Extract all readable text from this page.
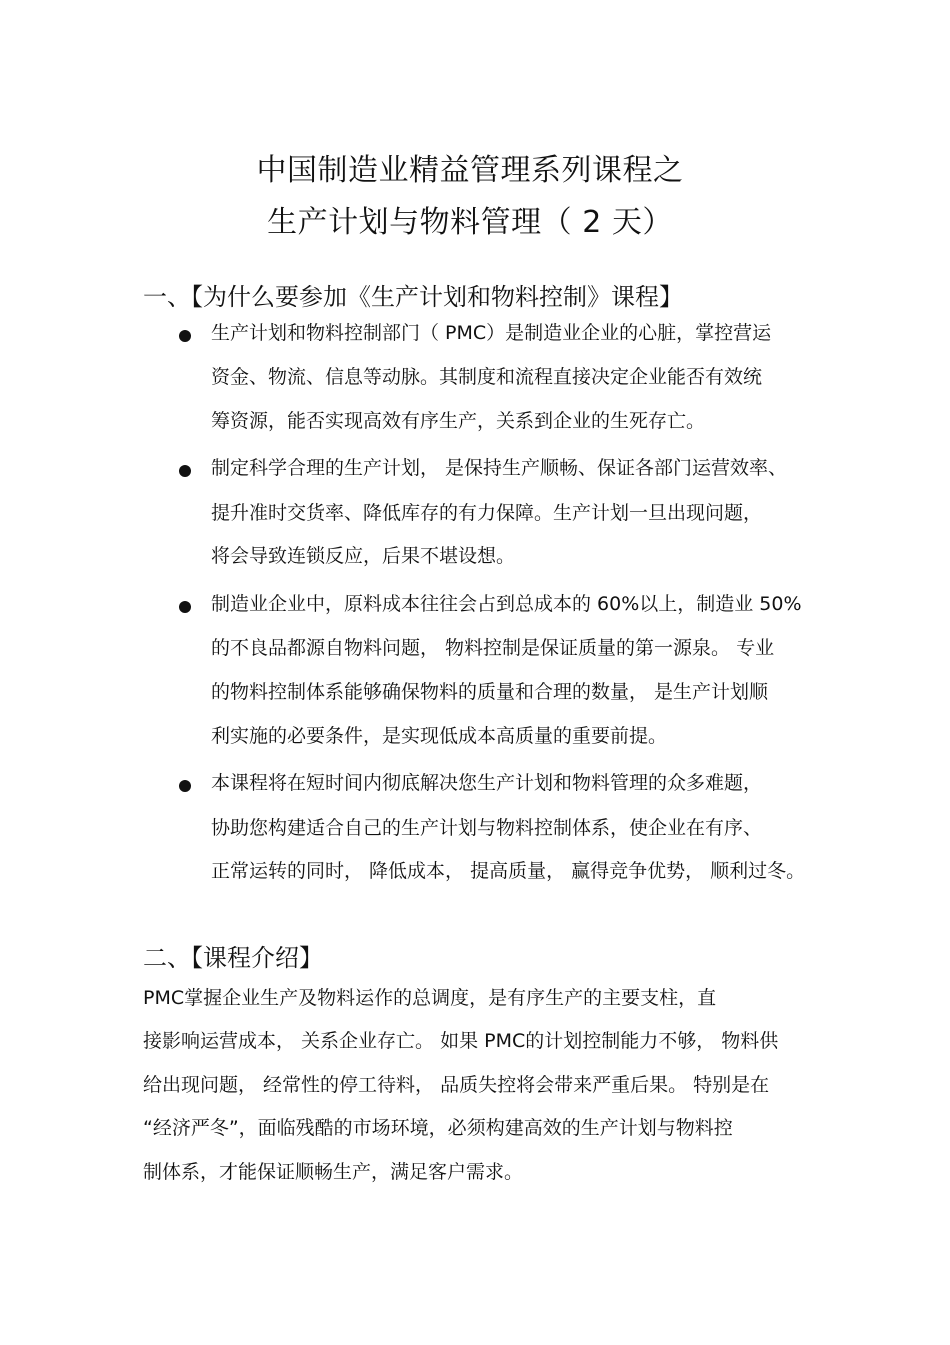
中国制造业精益管理系列课程之
生产计划与物料管理（ 2 天）
一、【为什么要参加《生产计划和物料控制》课程】
生产计划和物料控制部门（ PMC）是制造业企业的心脏，掌控营运
资金、物流、信息等动脉。其制度和流程直接决定企业能否有效统
筹资源，能否实现高效有序生产，关系到企业的生死存亡。
制定科学合理的生产计划， 是保持生产顺畅、保证各部门运营效率、
提升准时交货率、降低库存的有力保障。生产计划一旦出现问题，
将会导致连锁反应，后果不堪设想。
制造业企业中，原料成本往往会占到总成本的 60%以上，制造业 50%
的不良品都源自物料问题， 物料控制是保证质量的第一源泉。 专业
的物料控制体系能够确保物料的质量和合理的数量， 是生产计划顺
利实施的必要条件，是实现低成本高质量的重要前提。
本课程将在短时间内彻底解决您生产计划和物料管理的众多难题，
协助您构建适合自己的生产计划与物料控制体系，使企业在有序、
正常运转的同时， 降低成本， 提高质量， 赢得竞争优势， 顺利过冬。
二、【课程介绍】
PMC掌握企业生产及物料运作的总调度，是有序生产的主要支柱，直
接影响运营成本， 关系企业存亡。 如果 PMC的计划控制能力不够， 物料供
给出现问题， 经常性的停工待料， 品质失控将会带来严重后果。 特别是在
“经济严冬”，面临残酷的市场环境，必须构建高效的生产计划与物料控
制体系，才能保证顺畅生产，满足客户需求。
